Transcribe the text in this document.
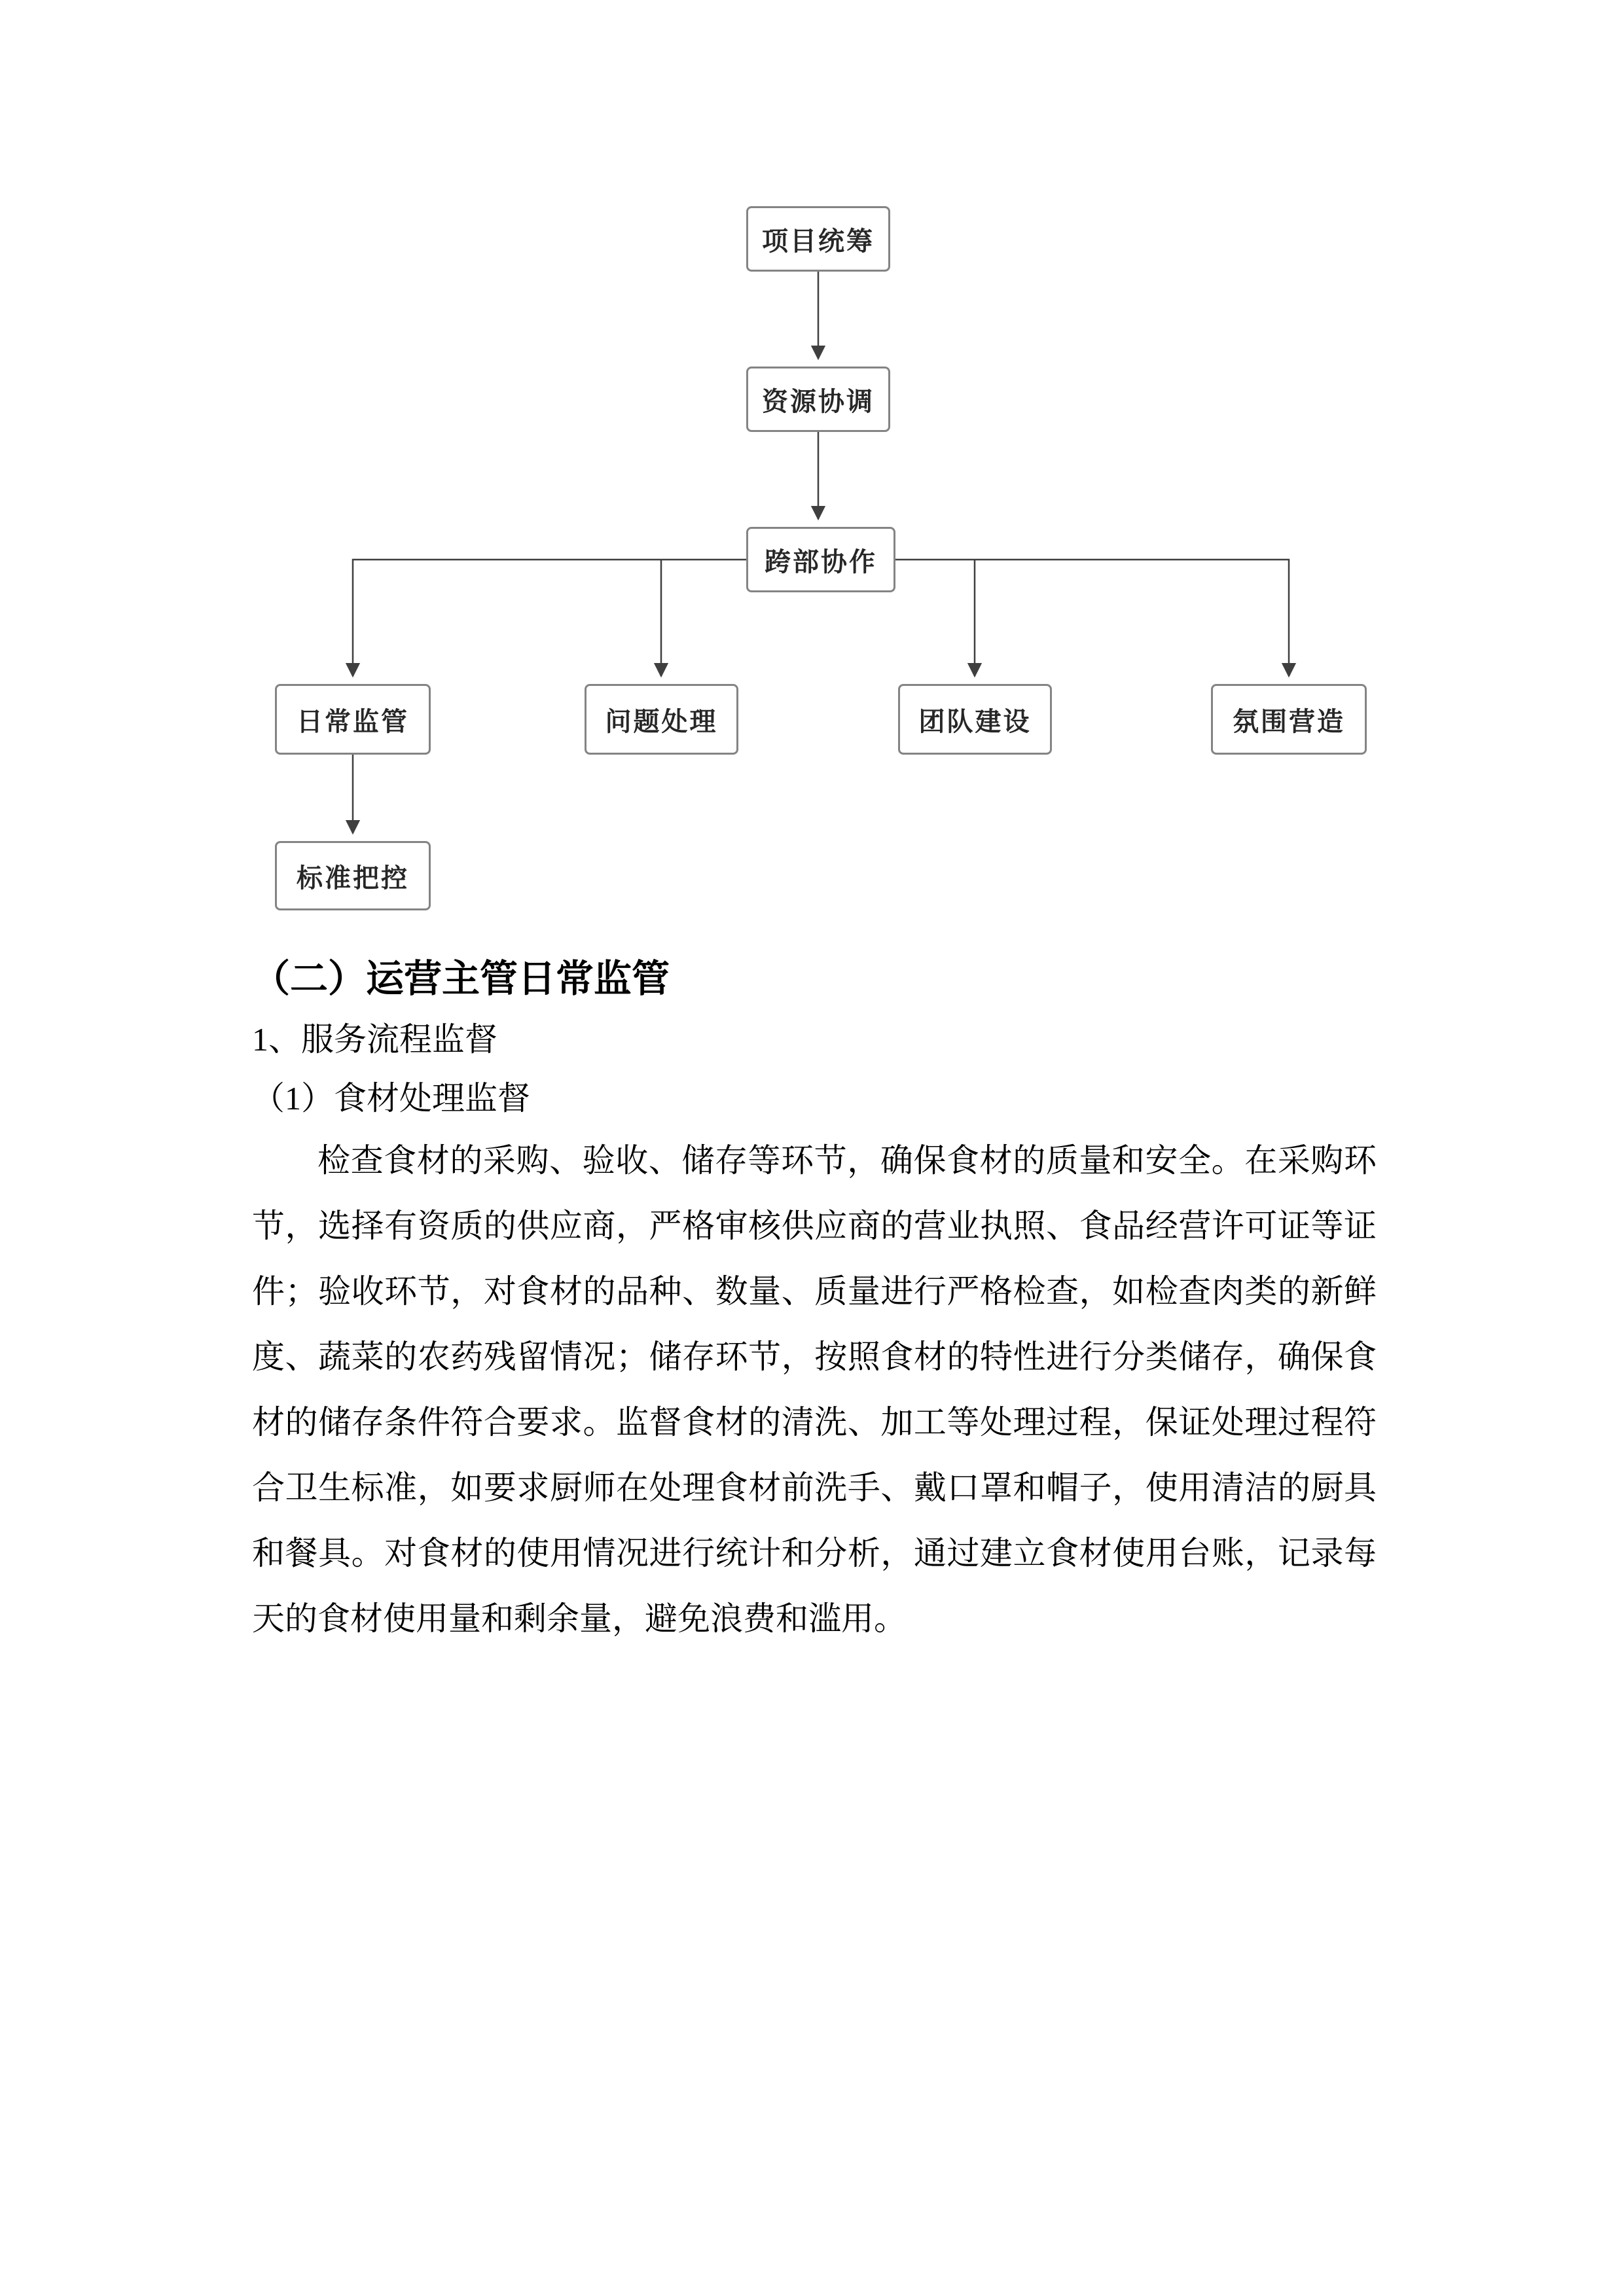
项目统筹
资源协调
跨部协作
日常监管	问题处理	团队建设	氛围营造
标准把控
（二）运营主管日常监管

1、服务流程监督

（1）食材处理监督

检查食材的采购、验收、储存等环节，确保食材的质量和安全。在采购环节，选择有资质的供应商，严格审核供应商的营业执照、食品经营许可证等证件；验收环节，对食材的品种、数量、质量进行严格检查，如检查肉类的新鲜度、蔬菜的农药残留情况；储存环节，按照食材的特性进行分类储存，确保食材的储存条件符合要求。监督食材的清洗、加工等处理过程，保证处理过程符合卫生标准，如要求厨师在处理食材前洗手、戴口罩和帽子，使用清洁的厨具和餐具。对食材的使用情况进行统计和分析，通过建立食材使用台账，记录每天的食材使用量和剩余量，避免浪费和滥用。
